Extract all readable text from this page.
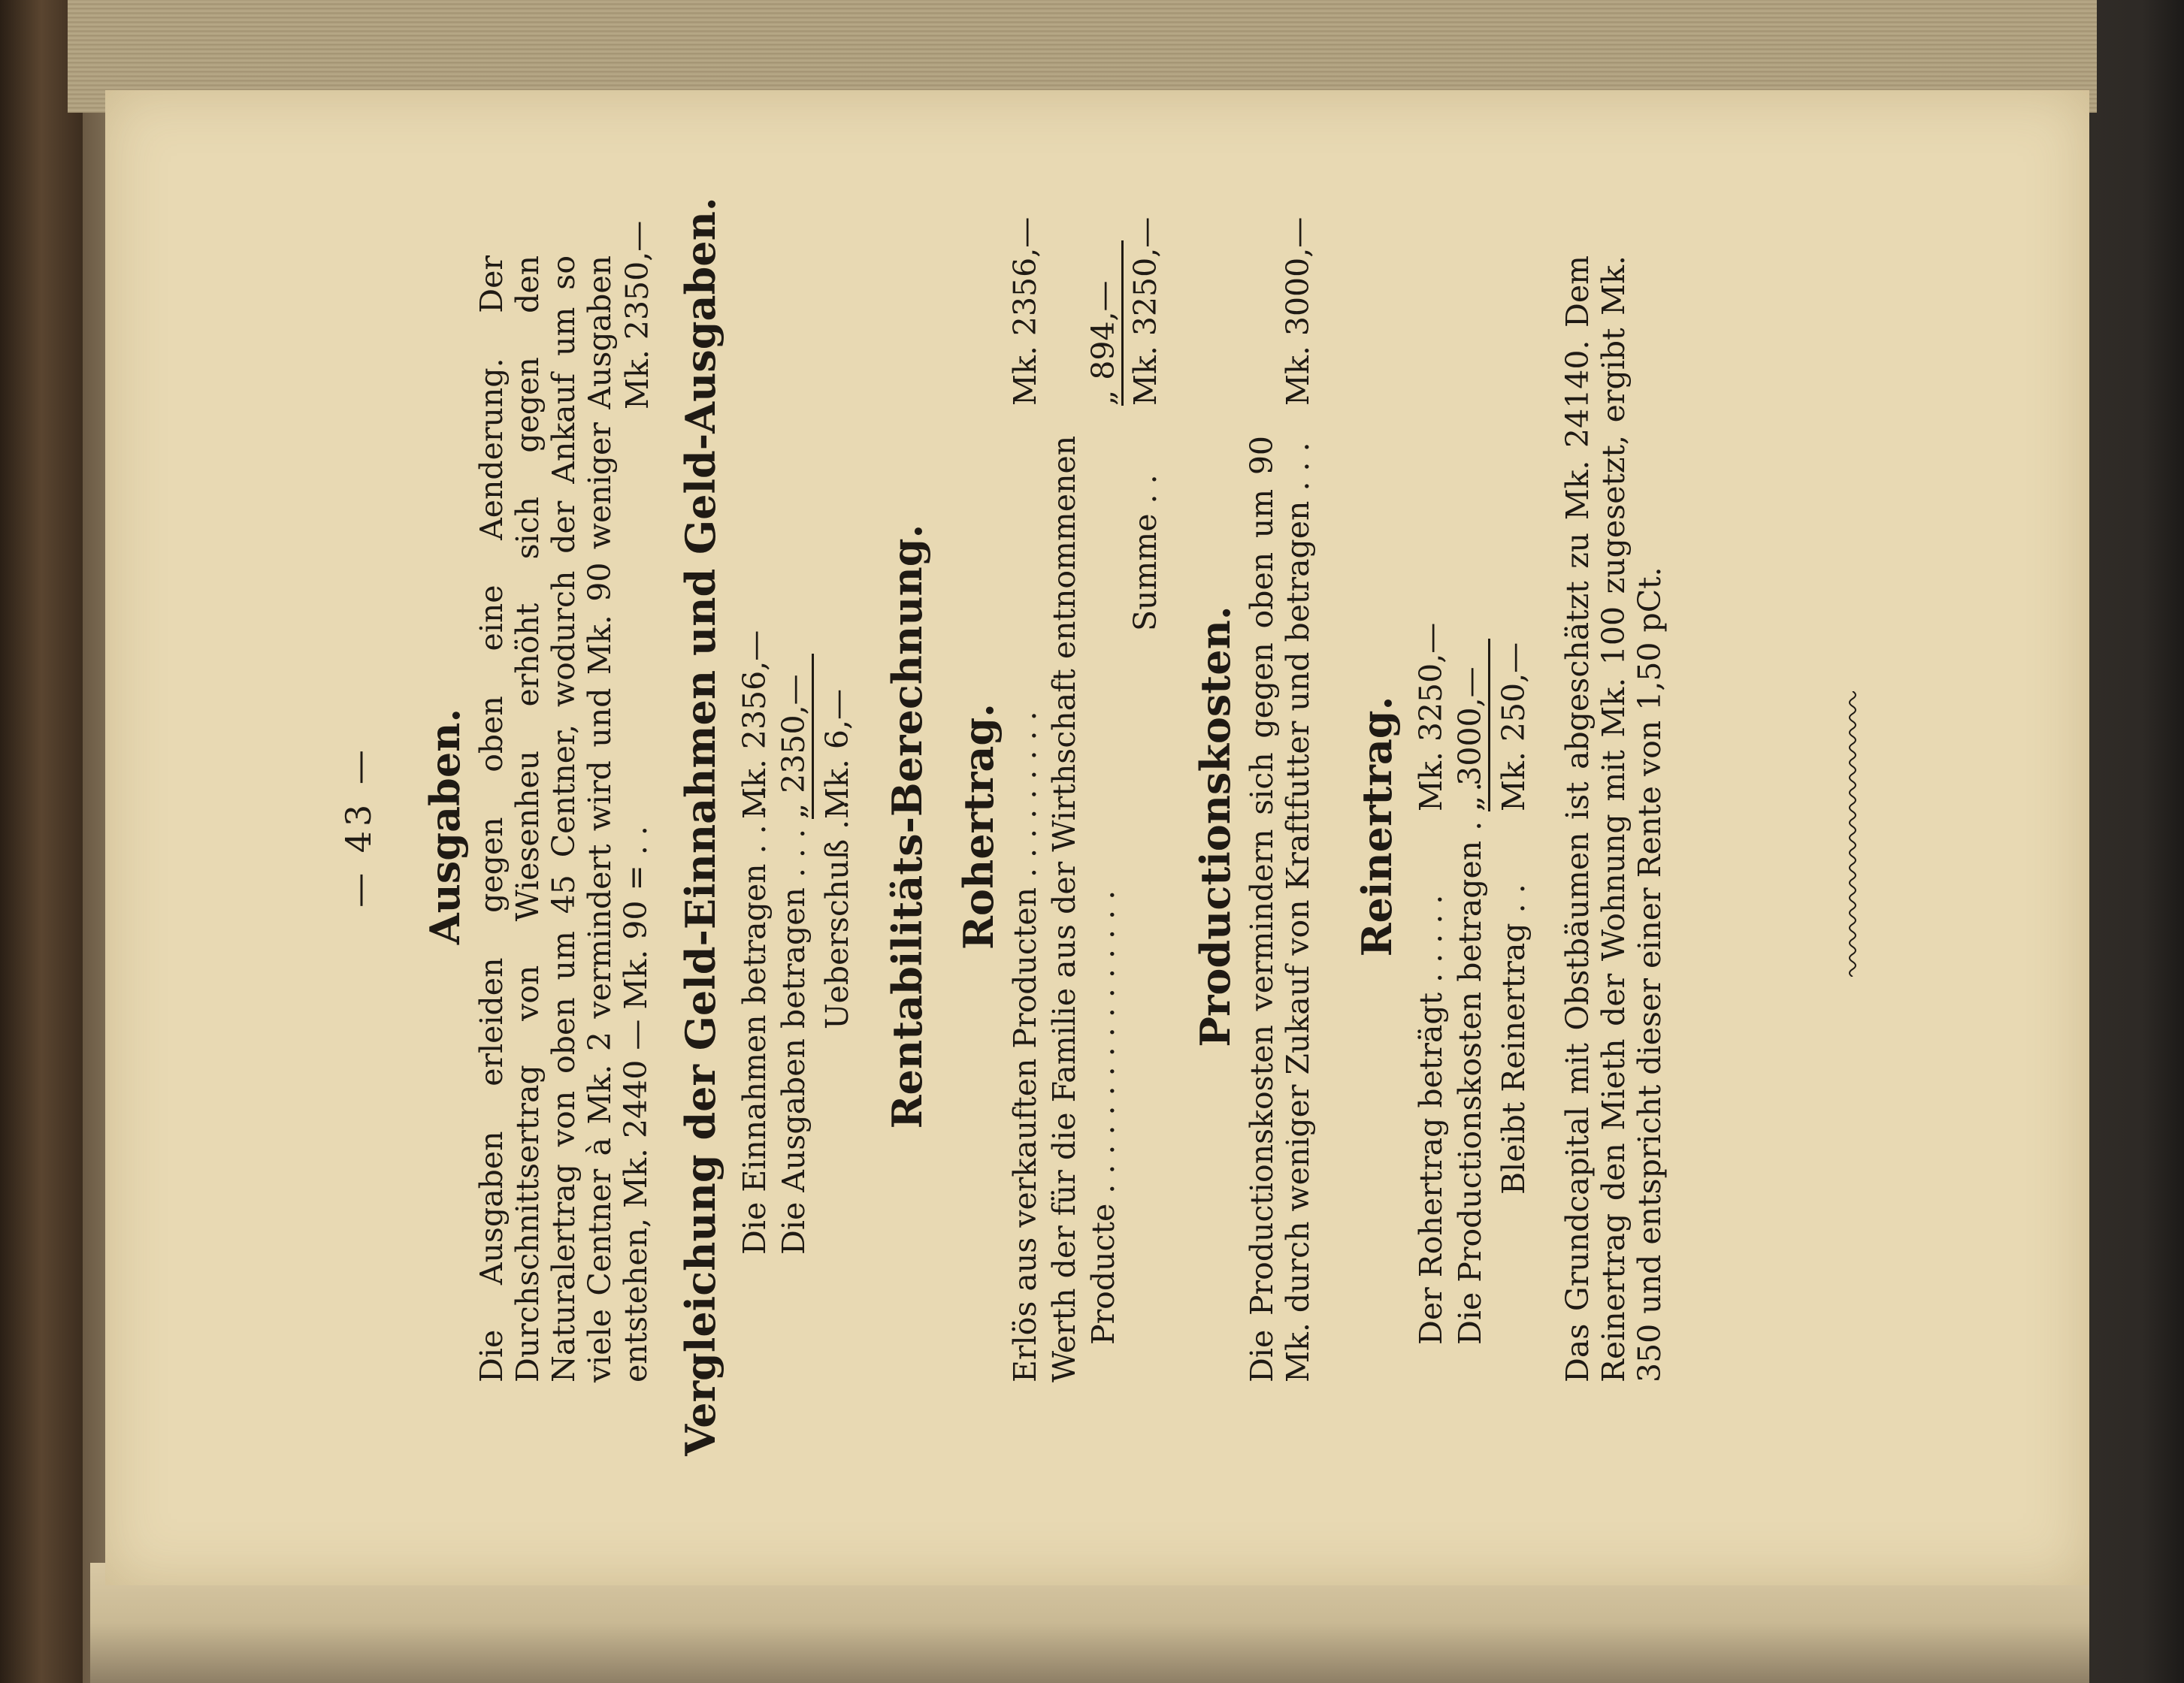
— 43 — Ausgaben. Die Ausgaben erleiden gegen oben eine Aenderung. Der Durchschnittsertrag von Wiesenheu erhöht sich gegen den Naturalertrag von oben um 45 Centner, wodurch der Ankauf um so viele Centner à Mk. 2 vermindert wird und Mk. 90 weniger Ausgaben entstehen, Mk. 2440 — Mk. 90 = . .
Mk. 2350,— Vergleichung der Geld-Einnahmen und Geld-Ausgaben. Die Einnahmen betragen . . . .
Mk. 2356,—
Die Ausgaben betragen . . . .
„ 2350,—
Ueberschuß . .
Mk. 6,— Rentabilitäts-Berechnung. Rohertrag. Erlös aus verkauften Producten . . . . . . . . .
Mk. 2356,—
Werth der für die Familie aus der Wirthschaft entnommenen Producte . . . . . . . . . . . . . . . .
„ 894,—
Summe . .
Mk. 3250,—
Productionskosten. Die Productionskosten vermindern sich gegen oben um 90 Mk. durch weniger Zukauf von Kraftfutter und betragen . . .
Mk. 3000,—
Reinertrag.
Der Rohertrag beträgt . . . . .
Mk. 3250,—
Die Productionskosten betragen . . .
„ 3000,—
Bleibt Reinertrag . .
Mk. 250,— Das Grundcapital mit Obstbäumen ist abgeschätzt zu Mk. 24140. Dem Reinertrag den Mieth der Wohnung mit Mk. 100 zugesetzt, ergibt Mk. 350 und entspricht dieser einer Rente von 1,50 pCt.
